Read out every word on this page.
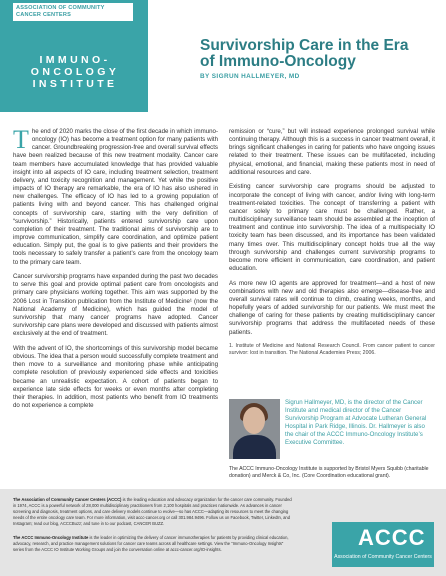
ASSOCIATION OF COMMUNITY CANCER CENTERS
IMMUNO-
ONCOLOGY
INSTITUTE
Survivorship Care in the Era
of Immuno-Oncology
BY SIGRUN HALLMEYER, MD

The end of 2020 marks the close of the first decade in which immuno-oncology (IO) has become a treatment option for many patients with cancer. Groundbreaking progression-free and overall survival effects have been realized because of this new treatment modality. Cancer care team members have accumulated knowledge that has provided valuable insight into all aspects of IO care, including treatment selection, treatment delivery, and toxicity recognition and management. Yet while the positive impacts of IO therapy are remarkable, the era of IO has also ushered in new challenges. The efficacy of IO has led to a growing population of patients living with and beyond cancer. This has challenged original concepts of survivorship care, starting with the very definition of “survivorship.” Historically, patients entered survivorship care upon completion of their treatment. The traditional aims of survivorship are to improve communication, simplify care coordination, and optimize patient education. Simply put, the goal is to give patients and their providers the tools necessary to safely transfer a patient’s care from the oncology team to the primary care team.

Cancer survivorship programs have expanded during the past two decades to serve this goal and provide optimal patient care from oncologists and primary care physicians working together. This aim was supported by the 2006 Lost in Transition publication from the Institute of Medicine¹ (now the National Academy of Medicine), which has guided the model of survivorship that many cancer programs have adopted. Cancer survivorship care plans were developed and discussed with patients almost exclusively at the end of treatment.

With the advent of IO, the shortcomings of this survivorship model became obvious. The idea that a person would successfully complete treatment and then move to a surveillance and monitoring phase while anticipating complete resolution of previously experienced side effects and toxicities became an unrealistic expectation. A cohort of patients began to experience late side effects for weeks or even months after completing their therapies. In addition, most patients who benefit from IO treatments do not experience a complete

remission or “cure,” but will instead experience prolonged survival while continuing therapy. Although this is a success in cancer treatment overall, it brings significant challenges in caring for patients who have ongoing issues related to their treatment. These issues can be multifaceted, including physical, emotional, and financial, making these patients most in need of additional resources and care.

Existing cancer survivorship care programs should be adjusted to incorporate the concept of living with cancer, and/or living with long-term treatment-related toxicities. The concept of transferring a patient with cancer solely to primary care must be challenged. Rather, a multidisciplinary surveillance team should be assembled at the inception of treatment and continue into survivorship. The idea of a multispecialty IO toxicity team has been discussed, and its importance has been validated many times over. This multidisciplinary concept holds true all the way through survivorship and challenges current survivorship programs to become more efficient in communication, care coordination, and patient education.

As more new IO agents are approved for treatment—and a host of new combinations with new and old therapies also emerge—disease-free and overall survival rates will continue to climb, creating weeks, months, and hopefully years of added survivorship for our patients. We must meet the challenge of caring for these patients by creating multidisciplinary cancer survivorship programs that address the multifaceted needs of these patients.

1. Institute of Medicine and National Research Council. From cancer patient to cancer survivor: lost in transition. The National Academies Press; 2006.
Sigrun Hallmeyer, MD, is the director of the Cancer Institute and medical director of the Cancer Survivorship Program at Advocate Lutheran General Hospital in Park Ridge, Illinois. Dr. Hallmeyer is also the chair of the ACCC Immuno-Oncology Institute’s Executive Committee.
The ACCC Immuno-Oncology Institute is supported by Bristol Myers Squibb (charitable donation) and Merck & Co, Inc. (Core Coordination educational grant).
The Association of Community Cancer Centers (ACCC) is the leading education and advocacy organization for the cancer care community. Founded in 1974, ACCC is a powerful network of 28,000 multidisciplinary practitioners from 2,100 hospitals and practices nationwide. As advances in cancer screening and diagnosis, treatment options, and care delivery models continue to evolve—so has ACCC—adapting its resources to meet the changing needs of the entire oncology care team. For more information, visit accc-cancer.org or call 301.984.9496. Follow us on Facebook, Twitter, LinkedIn, and Instagram; read our blog, ACCCBuzz; and tune in to our podcast, CANCER BUZZ.
The ACCC Immuno-Oncology Institute is the leader in optimizing the delivery of cancer immunotherapies for patients by providing clinical education, advocacy, research, and practice management solutions for cancer care teams across all healthcare settings. View the “Immuno-Oncology Insights” series from the ACCC IO Institute Working Groups and join the conversation online at accc-cancer.org/IO-insights.	ACCC
Association of Community Cancer Centers
